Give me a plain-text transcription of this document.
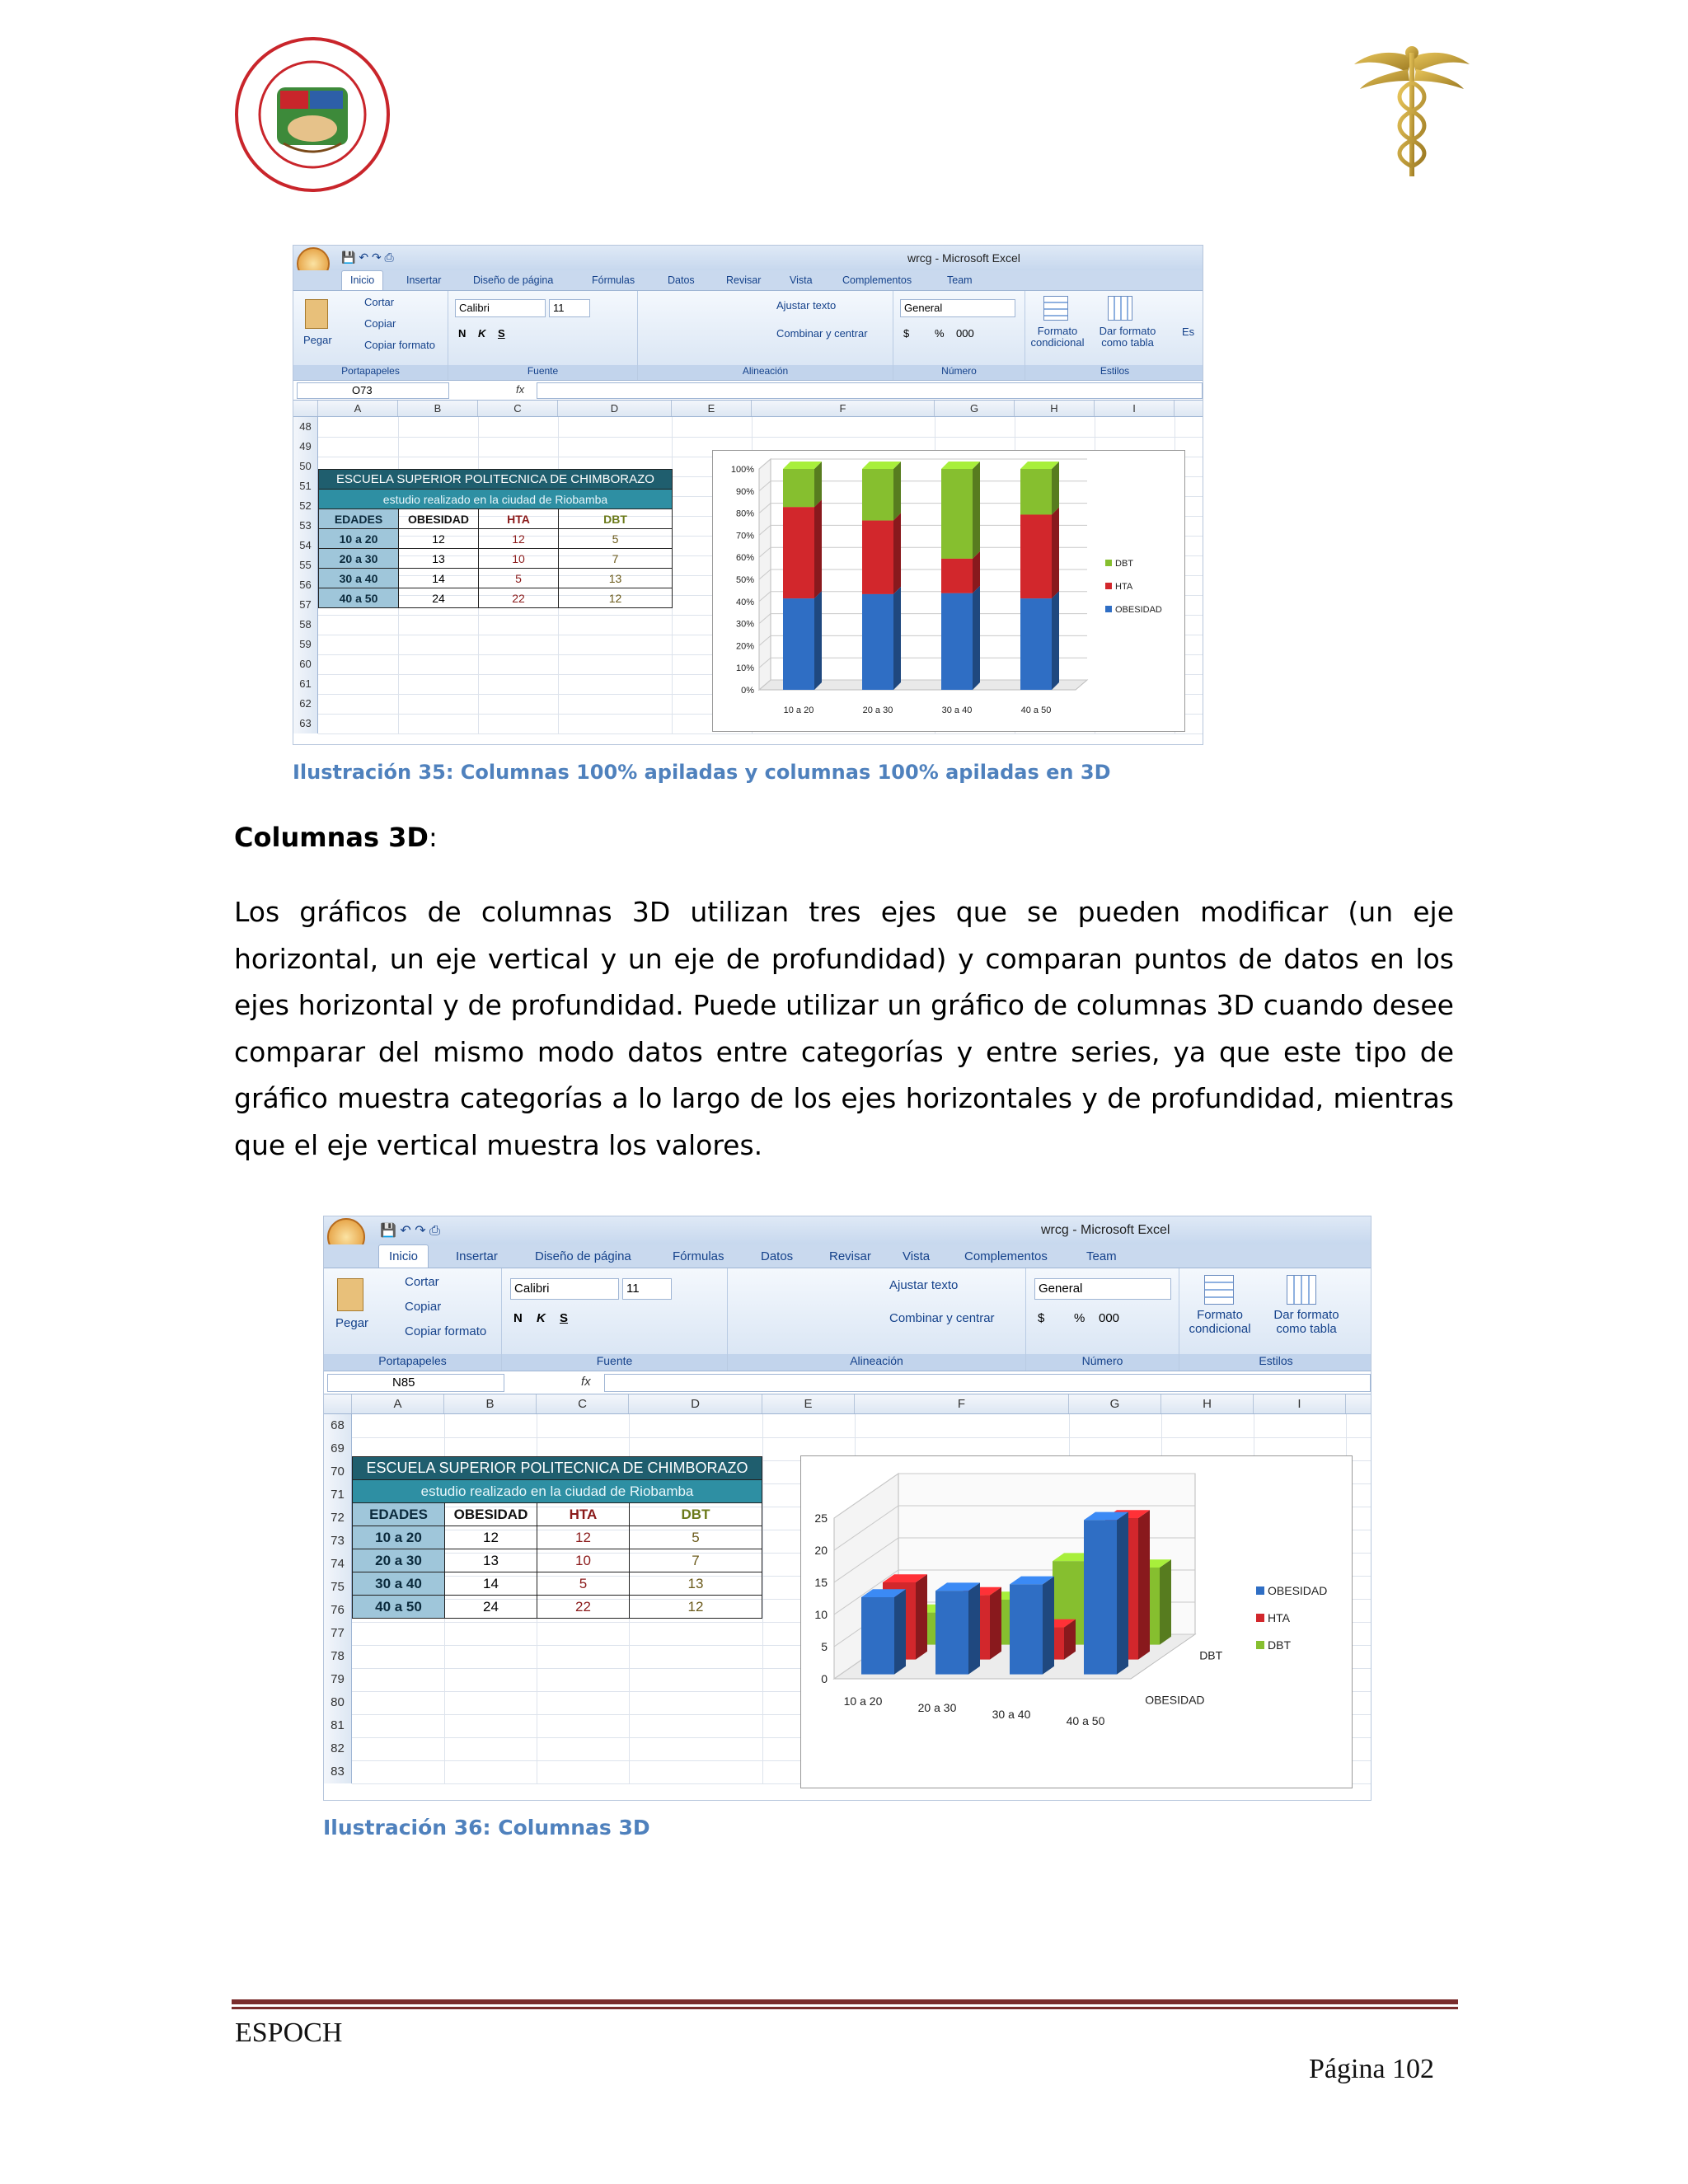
💾 ↶ ↷ ⎙	wrcg - Microsoft Excel
Inicio	Insertar	Diseño de página	Fórmulas	Datos	Revisar	Vista	Complementos	Team
Pegar
Cortar
Copiar
Copiar formato
Portapapeles
Calibri	11
N K S
Fuente
Ajustar texto
Combinar y centrar
Alineación
General
$ % 000
Número
Formato condicional
Dar formato como tabla
Es
Estilos
O73	fx
A	B	C	D	E	F	G	H	I
48
49
50
51
52
53
54
55
56
57
58
59
60
61
62
63
ESCUELA SUPERIOR POLITECNICA DE CHIMBORAZO			
estudio realizado en la ciudad de Riobamba			
EDADES	OBESIDAD	HTA	DBT
10 a 20	12	12	5
20 a 30	13	10	7
30 a 40	14	5	13
40 a 50	24	22	12
0%
10%
20%
30%
40%
50%
60%
70%
80%
90%
100%
10 a 20	20 a 30	30 a 40	40 a 50
DBT
HTA
OBESIDAD
Ilustración 35: Columnas 100% apiladas y columnas 100% apiladas en 3D
Columnas 3D:
Los gráficos de columnas 3D utilizan tres ejes que se pueden modificar (un eje horizontal, un eje vertical y un eje de profundidad) y comparan puntos de datos en los ejes horizontal y de profundidad. Puede utilizar un gráfico de columnas 3D cuando desee comparar del mismo modo datos entre categorías y entre series, ya que este tipo de gráfico muestra categorías a lo largo de los ejes horizontales y de profundidad, mientras que el eje vertical muestra los valores.
💾 ↶ ↷ ⎙	wrcg - Microsoft Excel
Inicio	Insertar	Diseño de página	Fórmulas	Datos	Revisar	Vista	Complementos	Team
Pegar
Cortar
Copiar
Copiar formato
Portapapeles
Calibri	11
N K S
Fuente
Ajustar texto
Combinar y centrar
Alineación
General
$ % 000
Número
Formato condicional
Dar formato como tabla
Estilos
N85	fx
A	B	C	D	E	F	G	H	I
68
69
70
71
72
73
74
75
76
77
78
79
80
81
82
83
ESCUELA SUPERIOR POLITECNICA DE CHIMBORAZO			
estudio realizado en la ciudad de Riobamba			
EDADES	OBESIDAD	HTA	DBT
10 a 20	12	12	5
20 a 30	13	10	7
30 a 40	14	5	13
40 a 50	24	22	12
0
5
10
15
20
25
10 a 20	20 a 30	30 a 40	40 a 50
DBT
OBESIDAD
OBESIDAD
HTA
DBT
Ilustración 36: Columnas 3D
ESPOCH
Página 102
